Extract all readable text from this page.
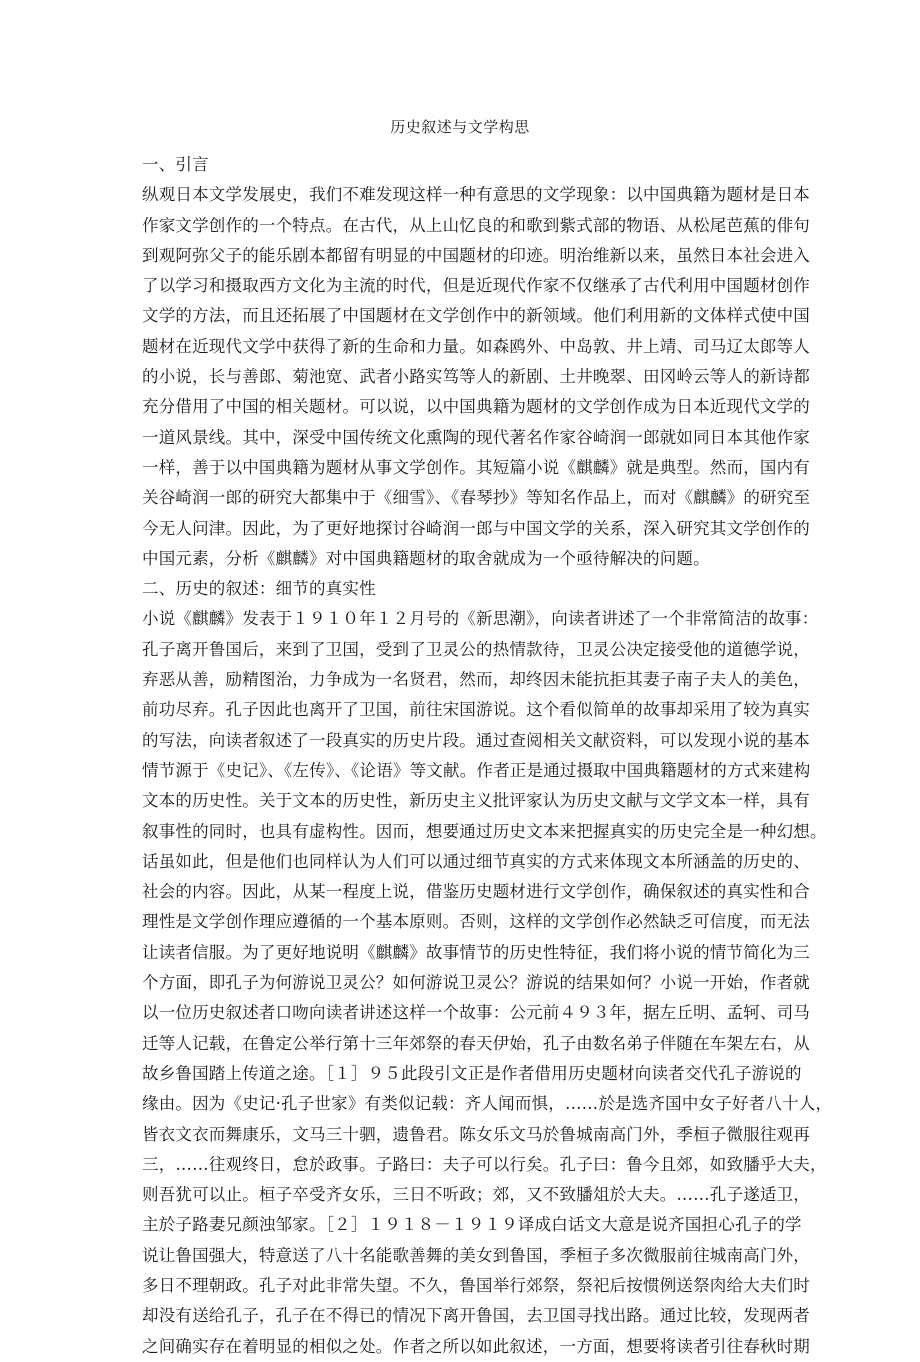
历史叙述与文学构思
一、引言
纵观日本文学发展史，我们不难发现这样一种有意思的文学现象：以中国典籍为题材是日本
作家文学创作的一个特点。在古代，从上山忆良的和歌到紫式部的物语、从松尾芭蕉的俳句
到观阿弥父子的能乐剧本都留有明显的中国题材的印迹。明治维新以来，虽然日本社会进入
了以学习和摄取西方文化为主流的时代，但是近现代作家不仅继承了古代利用中国题材创作
文学的方法，而且还拓展了中国题材在文学创作中的新领域。他们利用新的文体样式使中国
题材在近现代文学中获得了新的生命和力量。如森鸥外、中岛敦、井上靖、司马辽太郎等人
的小说，长与善郎、菊池宽、武者小路实笃等人的新剧、土井晚翠、田冈岭云等人的新诗都
充分借用了中国的相关题材。可以说，以中国典籍为题材的文学创作成为日本近现代文学的
一道风景线。其中，深受中国传统文化熏陶的现代著名作家谷崎润一郎就如同日本其他作家
一样，善于以中国典籍为题材从事文学创作。其短篇小说《麒麟》就是典型。然而，国内有
关谷崎润一郎的研究大都集中于《细雪》、《春琴抄》等知名作品上，而对《麒麟》的研究至
今无人问津。因此，为了更好地探讨谷崎润一郎与中国文学的关系，深入研究其文学创作的
中国元素，分析《麒麟》对中国典籍题材的取舍就成为一个亟待解决的问题。
二、历史的叙述：细节的真实性
小说《麒麟》发表于１９１０年１２月号的《新思潮》，向读者讲述了一个非常简洁的故事：
孔子离开鲁国后，来到了卫国，受到了卫灵公的热情款待，卫灵公决定接受他的道德学说，
弃恶从善，励精图治，力争成为一名贤君，然而，却终因未能抗拒其妻子南子夫人的美色，
前功尽弃。孔子因此也离开了卫国，前往宋国游说。这个看似简单的故事却采用了较为真实
的写法，向读者叙述了一段真实的历史片段。通过查阅相关文献资料，可以发现小说的基本
情节源于《史记》、《左传》、《论语》等文献。作者正是通过摄取中国典籍题材的方式来建构
文本的历史性。关于文本的历史性，新历史主义批评家认为历史文献与文学文本一样，具有
叙事性的同时，也具有虚构性。因而，想要通过历史文本来把握真实的历史完全是一种幻想。
话虽如此，但是他们也同样认为人们可以通过细节真实的方式来体现文本所涵盖的历史的、
社会的内容。因此，从某一程度上说，借鉴历史题材进行文学创作，确保叙述的真实性和合
理性是文学创作理应遵循的一个基本原则。否则，这样的文学创作必然缺乏可信度，而无法
让读者信服。为了更好地说明《麒麟》故事情节的历史性特征，我们将小说的情节简化为三
个方面，即孔子为何游说卫灵公？如何游说卫灵公？游说的结果如何？小说一开始，作者就
以一位历史叙述者口吻向读者讲述这样一个故事：公元前４９３年，据左丘明、孟轲、司马
迁等人记载，在鲁定公举行第十三年郊祭的春天伊始，孔子由数名弟子伴随在车架左右，从
故乡鲁国踏上传道之途。［１］９５此段引文正是作者借用历史题材向读者交代孔子游说的
缘由。因为《史记·孔子世家》有类似记载：齐人闻而惧，……於是选齐国中女子好者八十人，
皆衣文衣而舞康乐，文马三十驷，遗鲁君。陈女乐文马於鲁城南高门外，季桓子微服往观再
三，……往观终日，怠於政事。子路曰：夫子可以行矣。孔子曰：鲁今且郊，如致膰乎大夫，
则吾犹可以止。桓子卒受齐女乐，三日不听政；郊，又不致膰俎於大夫。……孔子遂适卫，
主於子路妻兄颜浊邹家。［２］１９１８－１９１９译成白话文大意是说齐国担心孔子的学
说让鲁国强大，特意送了八十名能歌善舞的美女到鲁国，季桓子多次微服前往城南高门外，
多日不理朝政。孔子对此非常失望。不久，鲁国举行郊祭，祭祀后按惯例送祭肉给大夫们时
却没有送给孔子，孔子在不得已的情况下离开鲁国，去卫国寻找出路。通过比较，发现两者
之间确实存在着明显的相似之处。作者之所以如此叙述，一方面，想要将读者引往春秋时期
